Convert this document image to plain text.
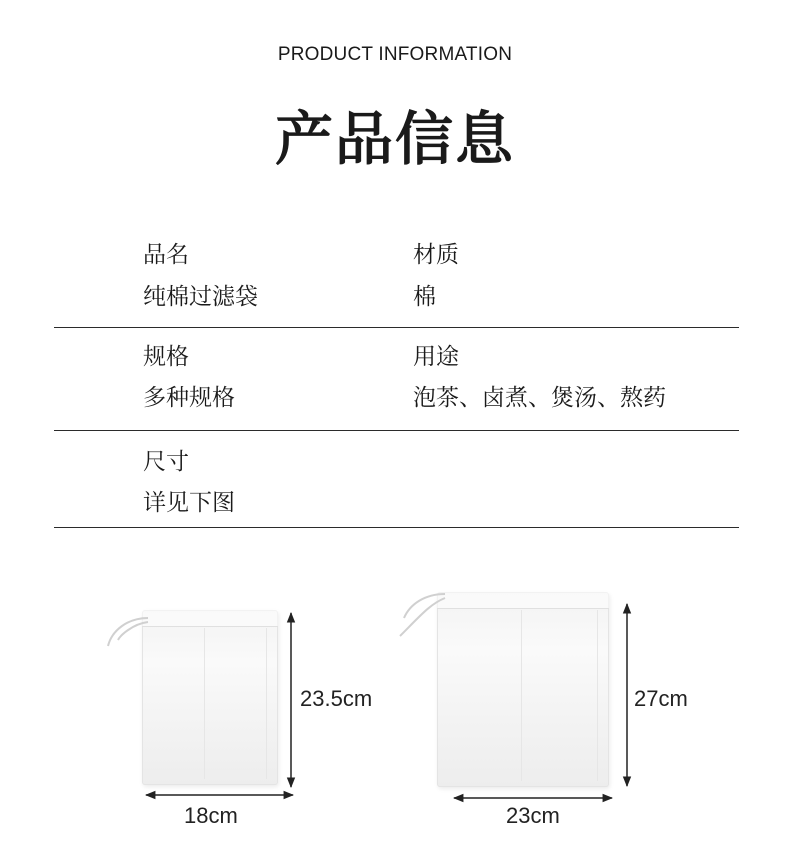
PRODUCT INFORMATION
产品信息
品名
纯棉过滤袋
材质
棉
规格
多种规格
用途
泡茶、卤煮、煲汤、熬药
尺寸
详见下图
23.5cm
18cm
27cm
23cm
